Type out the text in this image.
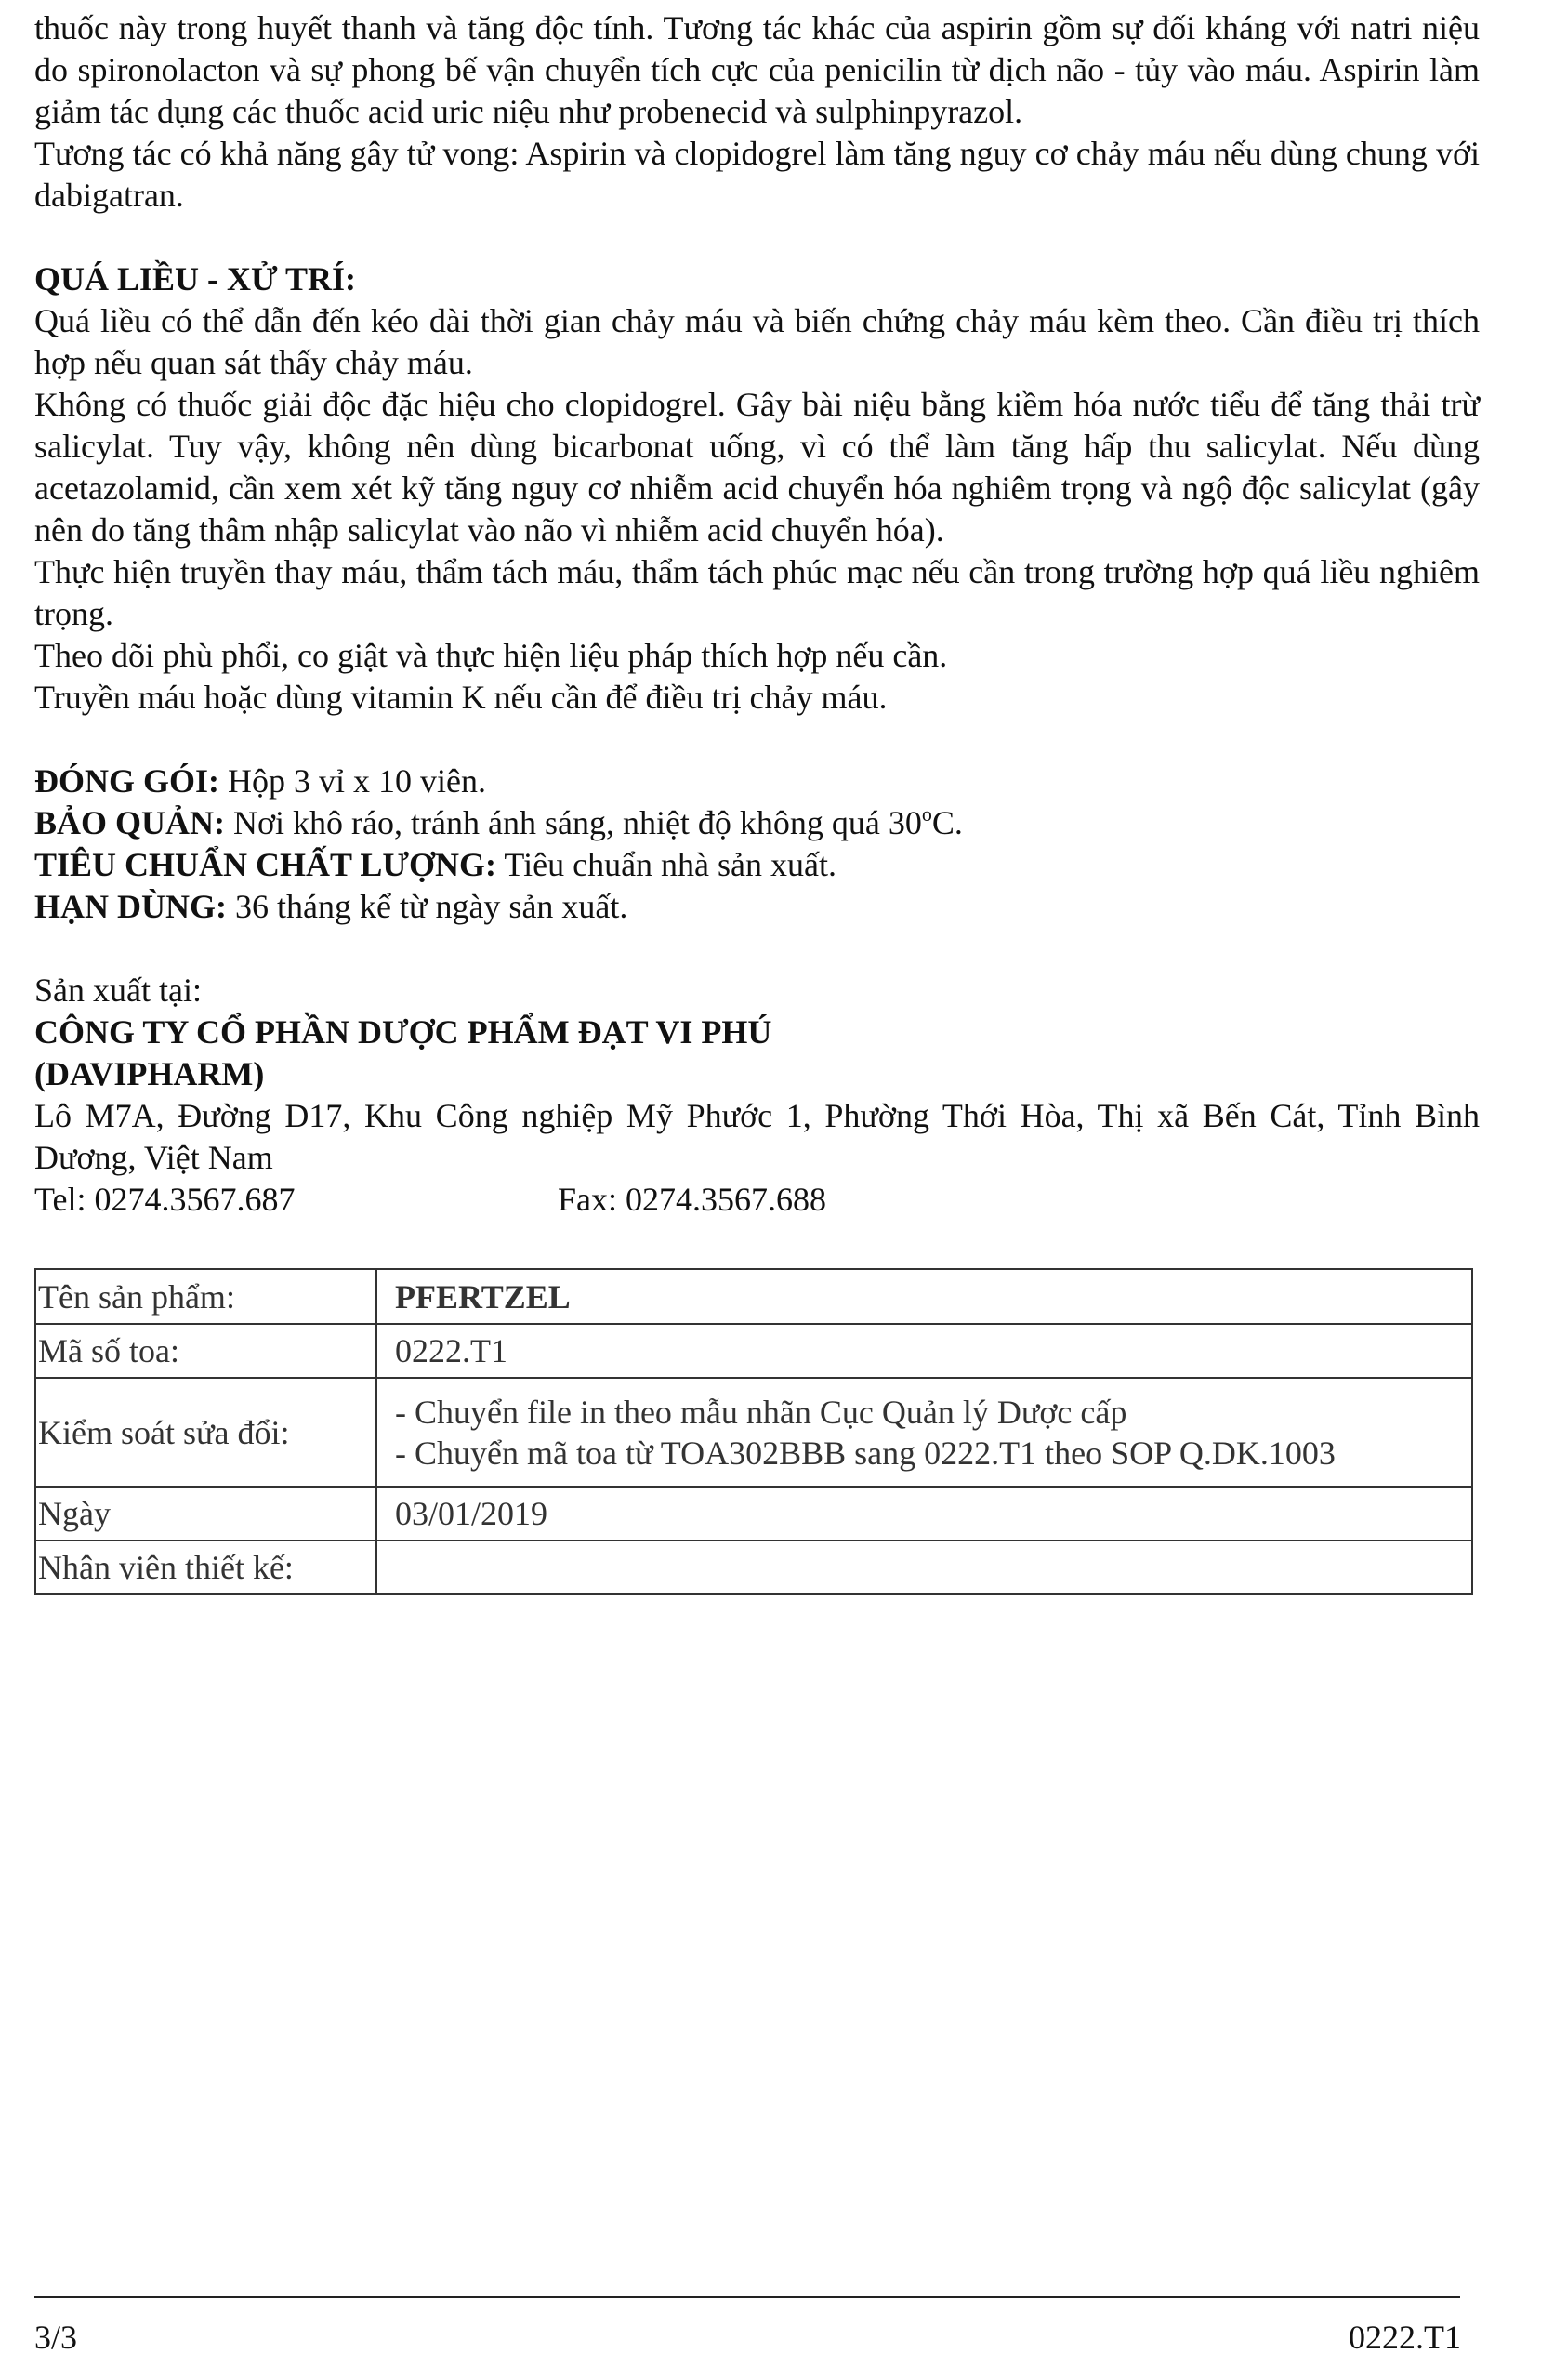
thuốc này trong huyết thanh và tăng độc tính. Tương tác khác của aspirin gồm sự đối kháng với natri niệu do spironolacton và sự phong bế vận chuyển tích cực của penicilin từ dịch não - tủy vào máu. Aspirin làm giảm tác dụng các thuốc acid uric niệu như probenecid và sulphinpyrazol.

Tương tác có khả năng gây tử vong: Aspirin và clopidogrel làm tăng nguy cơ chảy máu nếu dùng chung với dabigatran.

QUÁ LIỀU - XỬ TRÍ:

Quá liều có thể dẫn đến kéo dài thời gian chảy máu và biến chứng chảy máu kèm theo. Cần điều trị thích hợp nếu quan sát thấy chảy máu.

Không có thuốc giải độc đặc hiệu cho clopidogrel. Gây bài niệu bằng kiềm hóa nước tiểu để tăng thải trừ salicylat. Tuy vậy, không nên dùng bicarbonat uống, vì có thể làm tăng hấp thu salicylat. Nếu dùng acetazolamid, cần xem xét kỹ tăng nguy cơ nhiễm acid chuyển hóa nghiêm trọng và ngộ độc salicylat (gây nên do tăng thâm nhập salicylat vào não vì nhiễm acid chuyển hóa).

Thực hiện truyền thay máu, thẩm tách máu, thẩm tách phúc mạc nếu cần trong trường hợp quá liều nghiêm trọng.

Theo dõi phù phổi, co giật và thực hiện liệu pháp thích hợp nếu cần.

Truyền máu hoặc dùng vitamin K nếu cần để điều trị chảy máu.

ĐÓNG GÓI: Hộp 3 vỉ x 10 viên.

BẢO QUẢN: Nơi khô ráo, tránh ánh sáng, nhiệt độ không quá 30$^o$C.

TIÊU CHUẨN CHẤT LƯỢNG: Tiêu chuẩn nhà sản xuất.

HẠN DÙNG: 36 tháng kể từ ngày sản xuất.

Sản xuất tại:

CÔNG TY CỔ PHẦN DƯỢC PHẨM ĐẠT VI PHÚ

(DAVIPHARM)

Lô M7A, Đường D17, Khu Công nghiệp Mỹ Phước 1, Phường Thới Hòa, Thị xã Bến Cát, Tỉnh Bình Dương, Việt Nam

Tel: 0274.3567.687	Fax: 0274.3567.688

Tên sản phẩm:	PFERTZEL
Mã số toa:	0222.T1
Kiểm soát sửa đổi:	- Chuyển file in theo mẫu nhãn Cục Quản lý Dược cấp
- Chuyển mã toa từ TOA302BBB sang 0222.T1 theo SOP Q.DK.1003

Ngày	03/01/2019
Nhân viên thiết kế:	
3/3	0222.T1
